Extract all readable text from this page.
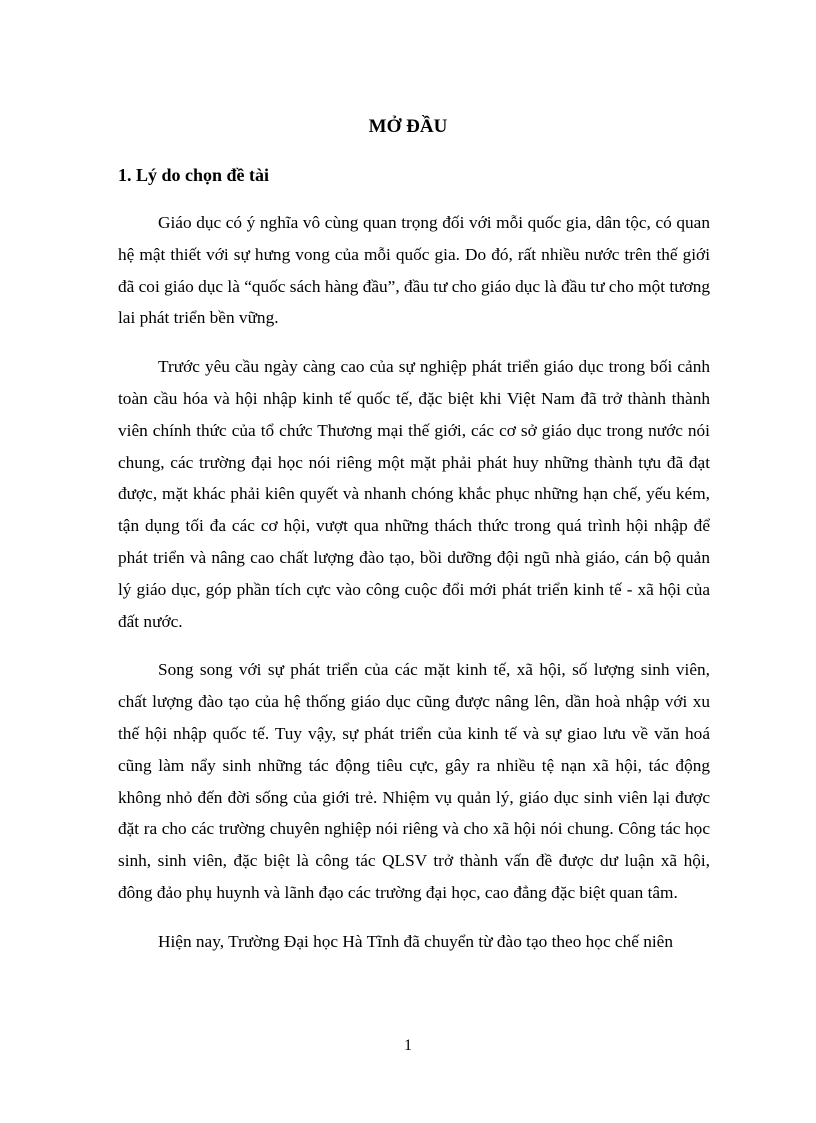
MỞ ĐẦU
1. Lý do chọn đề tài

Giáo dục có ý nghĩa vô cùng quan trọng đối với mỗi quốc gia, dân tộc, có quan hệ mật thiết với sự hưng vong của mỗi quốc gia. Do đó, rất nhiều nước trên thế giới đã coi giáo dục là “quốc sách hàng đầu”, đầu tư cho giáo dục là đầu tư cho một tương lai phát triển bền vững.

Trước yêu cầu ngày càng cao của sự nghiệp phát triển giáo dục trong bối cảnh toàn cầu hóa và hội nhập kinh tế quốc tế, đặc biệt khi Việt Nam đã trở thành thành viên chính thức của tổ chức Thương mại thế giới, các cơ sở giáo dục trong nước nói chung, các trường đại học nói riêng một mặt phải phát huy những thành tựu đã đạt được, mặt khác phải kiên quyết và nhanh chóng khắc phục những hạn chế, yếu kém, tận dụng tối đa các cơ hội, vượt qua những thách thức trong quá trình hội nhập để phát triển và nâng cao chất lượng đào tạo, bồi dưỡng đội ngũ nhà giáo, cán bộ quản lý giáo dục, góp phần tích cực vào công cuộc đổi mới phát triển kinh tế - xã hội của đất nước.

Song song với sự phát triển của các mặt kinh tế, xã hội, số lượng sinh viên, chất lượng đào tạo của hệ thống giáo dục cũng được nâng lên, dần hoà nhập với xu thế hội nhập quốc tế. Tuy vậy, sự phát triển của kinh tế và sự giao lưu về văn hoá cũng làm nẩy sinh những tác động tiêu cực, gây ra nhiều tệ nạn xã hội, tác động không nhỏ đến đời sống của giới trẻ. Nhiệm vụ quản lý, giáo dục sinh viên lại được đặt ra cho các trường chuyên nghiệp nói riêng và cho xã hội nói chung. Công tác học sinh, sinh viên, đặc biệt là công tác QLSV trở thành vấn đề được dư luận xã hội, đông đảo phụ huynh và lãnh đạo các trường đại học, cao đẳng đặc biệt quan tâm.

Hiện nay, Trường Đại học Hà Tĩnh đã chuyển từ đào tạo theo học chế niên

1
